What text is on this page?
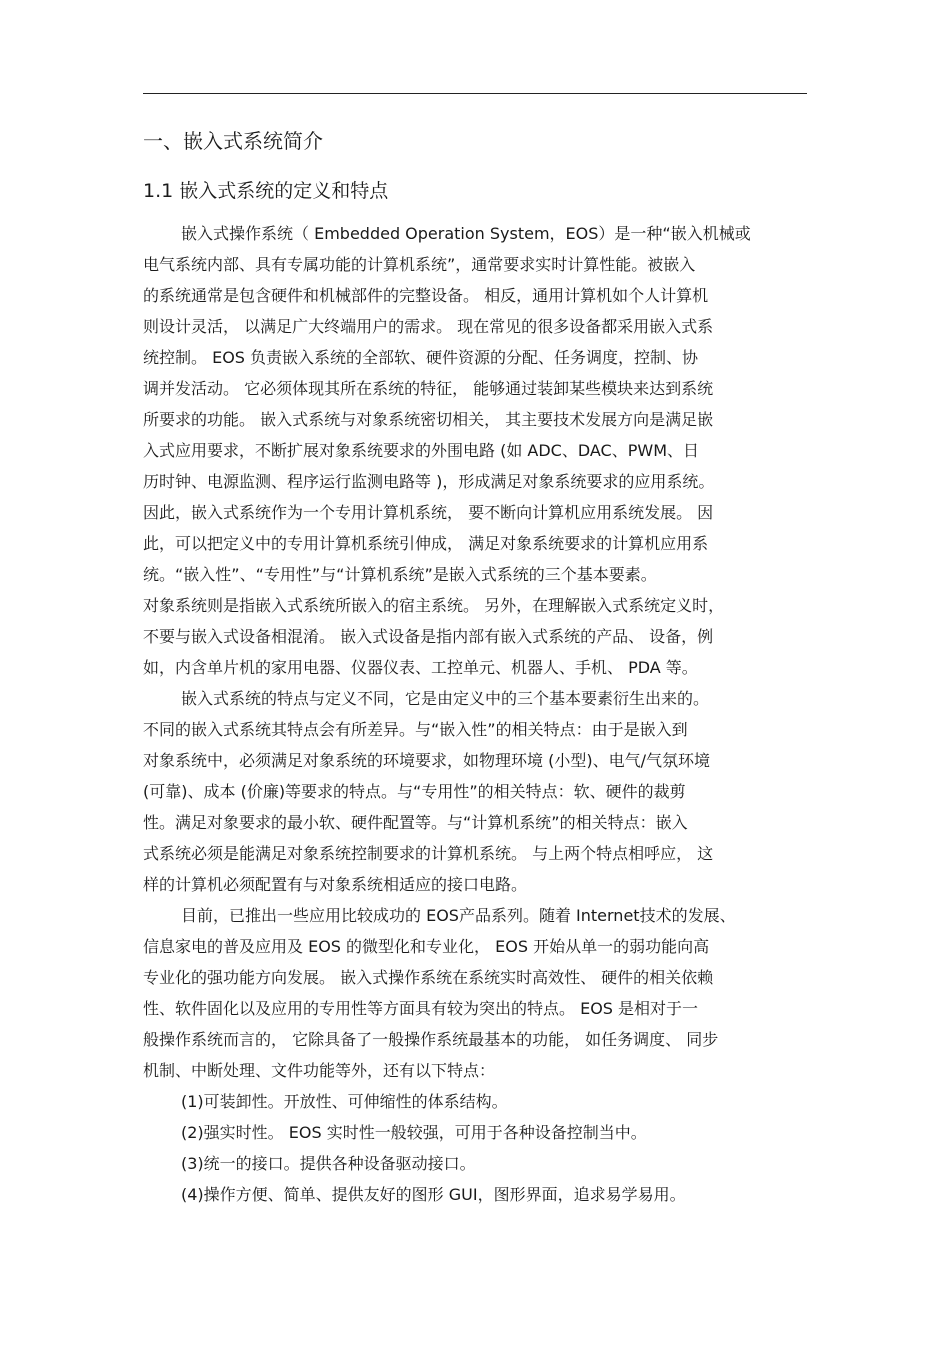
一、嵌入式系统简介
1.1 嵌入式系统的定义和特点
嵌入式操作系统（ Embedded Operation System，EOS）是一种“嵌入机械或
电气系统内部、具有专属功能的计算机系统”，通常要求实时计算性能。被嵌入
的系统通常是包含硬件和机械部件的完整设备。 相反，通用计算机如个人计算机
则设计灵活， 以满足广大终端用户的需求。 现在常见的很多设备都采用嵌入式系
统控制。 EOS 负责嵌入系统的全部软、硬件资源的分配、任务调度，控制、协
调并发活动。 它必须体现其所在系统的特征， 能够通过装卸某些模块来达到系统
所要求的功能。 嵌入式系统与对象系统密切相关， 其主要技术发展方向是满足嵌
入式应用要求，不断扩展对象系统要求的外围电路 (如 ADC、DAC、PWM、日
历时钟、电源监测、程序运行监测电路等 )，形成满足对象系统要求的应用系统。
因此，嵌入式系统作为一个专用计算机系统， 要不断向计算机应用系统发展。 因
此，可以把定义中的专用计算机系统引伸成， 满足对象系统要求的计算机应用系
统。“嵌入性”、“专用性”与“计算机系统”是嵌入式系统的三个基本要素。
对象系统则是指嵌入式系统所嵌入的宿主系统。 另外，在理解嵌入式系统定义时，
不要与嵌入式设备相混淆。 嵌入式设备是指内部有嵌入式系统的产品、 设备，例
如，内含单片机的家用电器、仪器仪表、工控单元、机器人、手机、 PDA 等。
嵌入式系统的特点与定义不同，它是由定义中的三个基本要素衍生出来的。
不同的嵌入式系统其特点会有所差异。与“嵌入性”的相关特点：由于是嵌入到
对象系统中，必须满足对象系统的环境要求，如物理环境 (小型)、电气/气氛环境
(可靠)、成本 (价廉)等要求的特点。与“专用性”的相关特点：软、硬件的裁剪
性。满足对象要求的最小软、硬件配置等。与“计算机系统”的相关特点：嵌入
式系统必须是能满足对象系统控制要求的计算机系统。 与上两个特点相呼应， 这
样的计算机必须配置有与对象系统相适应的接口电路。
目前，已推出一些应用比较成功的 EOS产品系列。随着 Internet技术的发展、
信息家电的普及应用及 EOS 的微型化和专业化， EOS 开始从单一的弱功能向高
专业化的强功能方向发展。 嵌入式操作系统在系统实时高效性、 硬件的相关依赖
性、软件固化以及应用的专用性等方面具有较为突出的特点。 EOS 是相对于一
般操作系统而言的， 它除具备了一般操作系统最基本的功能， 如任务调度、 同步
机制、中断处理、文件功能等外，还有以下特点：
(1)可装卸性。开放性、可伸缩性的体系结构。
(2)强实时性。 EOS 实时性一般较强，可用于各种设备控制当中。
(3)统一的接口。提供各种设备驱动接口。
(4)操作方便、简单、提供友好的图形 GUI，图形界面，追求易学易用。
